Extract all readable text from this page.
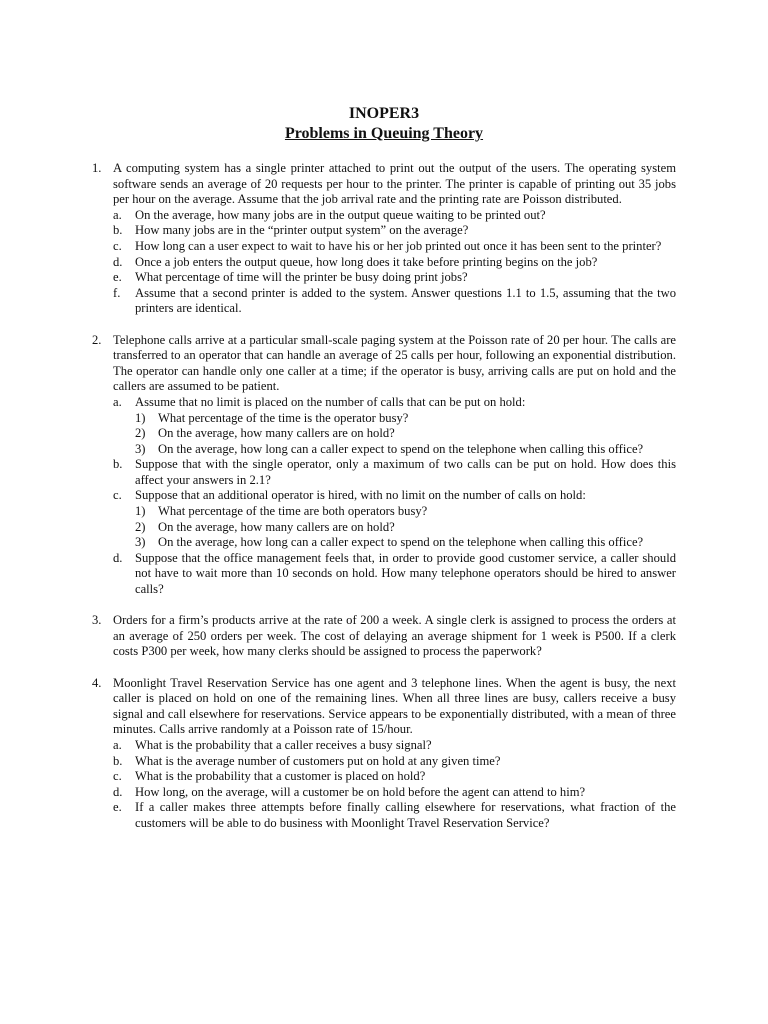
INOPER3
Problems in Queuing Theory
1. A computing system has a single printer attached to print out the output of the users. The operating system software sends an average of 20 requests per hour to the printer. The printer is capable of printing out 35 jobs per hour on the average. Assume that the job arrival rate and the printing rate are Poisson distributed.
a.	On the average, how many jobs are in the output queue waiting to be printed out?
b. How many jobs are in the “printer output system” on the average?
c.	How long can a user expect to wait to have his or her job printed out once it has been sent to the printer?
d. Once a job enters the output queue, how long does it take before printing begins on the job?
e.	What percentage of time will the printer be busy doing print jobs?
f.	Assume that a second printer is added to the system. Answer questions 1.1 to 1.5, assuming that the two printers are identical.
2. Telephone calls arrive at a particular small-scale paging system at the Poisson rate of 20 per hour. The calls are transferred to an operator that can handle an average of 25 calls per hour, following an exponential distribution. The operator can handle only one caller at a time; if the operator is busy, arriving calls are put on hold and the callers are assumed to be patient.
a.	Assume that no limit is placed on the number of calls that can be put on hold:
1) What percentage of the time is the operator busy?
2) On the average, how many callers are on hold?
3) On the average, how long can a caller expect to spend on the telephone when calling this office?
b. Suppose that with the single operator, only a maximum of two calls can be put on hold. How does this affect your answers in 2.1?
c.	Suppose that an additional operator is hired, with no limit on the number of calls on hold:
1) What percentage of the time are both operators busy?
2) On the average, how many callers are on hold?
3) On the average, how long can a caller expect to spend on the telephone when calling this office?
d. Suppose that the office management feels that, in order to provide good customer service, a caller should not have to wait more than 10 seconds on hold. How many telephone operators should be hired to answer calls?
3. Orders for a firm’s products arrive at the rate of 200 a week. A single clerk is assigned to process the orders at an average of 250 orders per week. The cost of delaying an average shipment for 1 week is P500. If a clerk costs P300 per week, how many clerks should be assigned to process the paperwork?
4. Moonlight Travel Reservation Service has one agent and 3 telephone lines. When the agent is busy, the next caller is placed on hold on one of the remaining lines. When all three lines are busy, callers receive a busy signal and call elsewhere for reservations. Service appears to be exponentially distributed, with a mean of three minutes. Calls arrive randomly at a Poisson rate of 15/hour.
a.	What is the probability that a caller receives a busy signal?
b. What is the average number of customers put on hold at any given time?
c.	What is the probability that a customer is placed on hold?
d. How long, on the average, will a customer be on hold before the agent can attend to him?
e.	If a caller makes three attempts before finally calling elsewhere for reservations, what fraction of the customers will be able to do business with Moonlight Travel Reservation Service?
